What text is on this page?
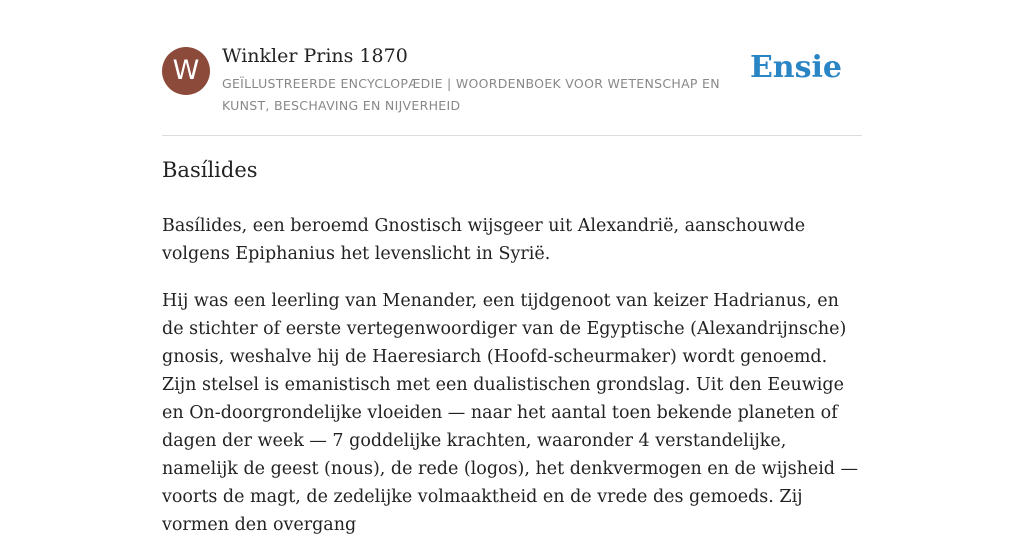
W	Winkler Prins 1870
GEÏLLUSTREERDE ENCYCLOPÆDIE | WOORDENBOEK VOOR WETENSCHAP EN KUNST, BESCHAVING EN NIJVERHEID
Ensie
Basílides

Basílides, een beroemd Gnostisch wijsgeer uit Alexandrië, aanschouwde volgens Epiphanius het levenslicht in Syrië.

Hij was een leerling van Menander, een tijdgenoot van keizer Hadrianus, en de stichter of eerste vertegenwoordiger van de Egyptische (Alexandrijnsche) gnosis, weshalve hij de Haeresiarch (Hoofd-scheurmaker) wordt genoemd. Zijn stelsel is emanistisch met een dualistischen grondslag. Uit den Eeuwige en On-doorgrondelijke vloeiden — naar het aantal toen bekende planeten of dagen der week — 7 goddelijke krachten, waaronder 4 verstandelijke, namelijk de geest (nous), de rede (logos), het denkvermogen en de wijsheid — voorts de magt, de zedelijke volmaaktheid en de vrede des gemoeds. Zij vormen den overgang
